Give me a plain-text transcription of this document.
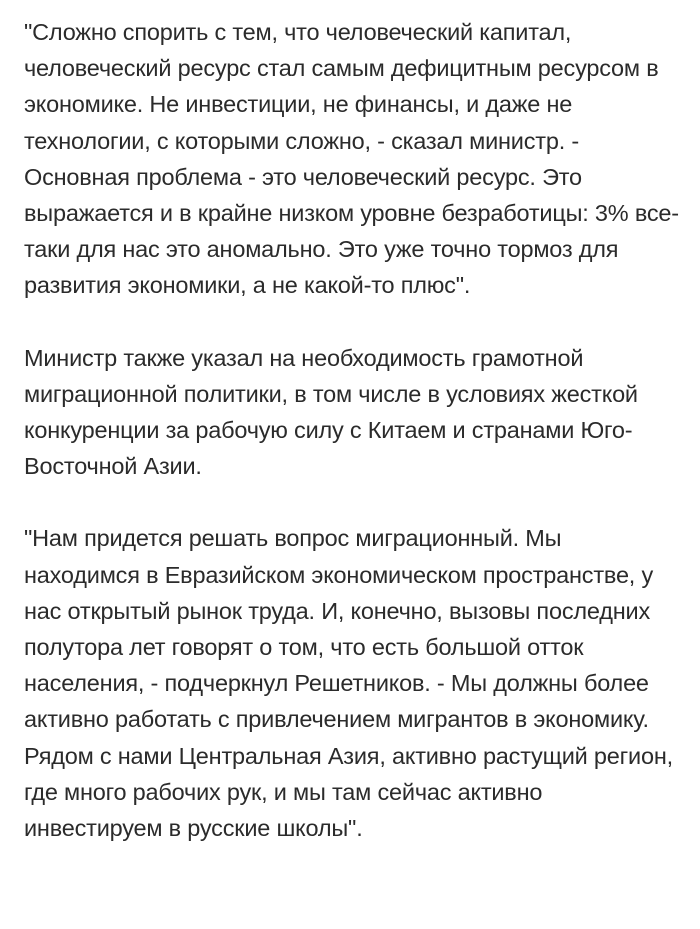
"Сложно спорить с тем, что человеческий капитал, человеческий ресурс стал самым дефицитным ресурсом в экономике. Не инвестиции, не финансы, и даже не технологии, с которыми сложно, - сказал министр. - Основная проблема - это человеческий ресурс. Это выражается и в крайне низком уровне безработицы: 3% все-таки для нас это аномально. Это уже точно тормоз для развития экономики, а не какой-то плюс".

Министр также указал на необходимость грамотной миграционной политики, в том числе в условиях жесткой конкуренции за рабочую силу с Китаем и странами Юго-Восточной Азии.

"Нам придется решать вопрос миграционный. Мы находимся в Евразийском экономическом пространстве, у нас открытый рынок труда. И, конечно, вызовы последних полутора лет говорят о том, что есть большой отток населения, - подчеркнул Решетников. - Мы должны более активно работать с привлечением мигрантов в экономику. Рядом с нами Центральная Азия, активно растущий регион, где много рабочих рук, и мы там сейчас активно инвестируем в русские школы".
